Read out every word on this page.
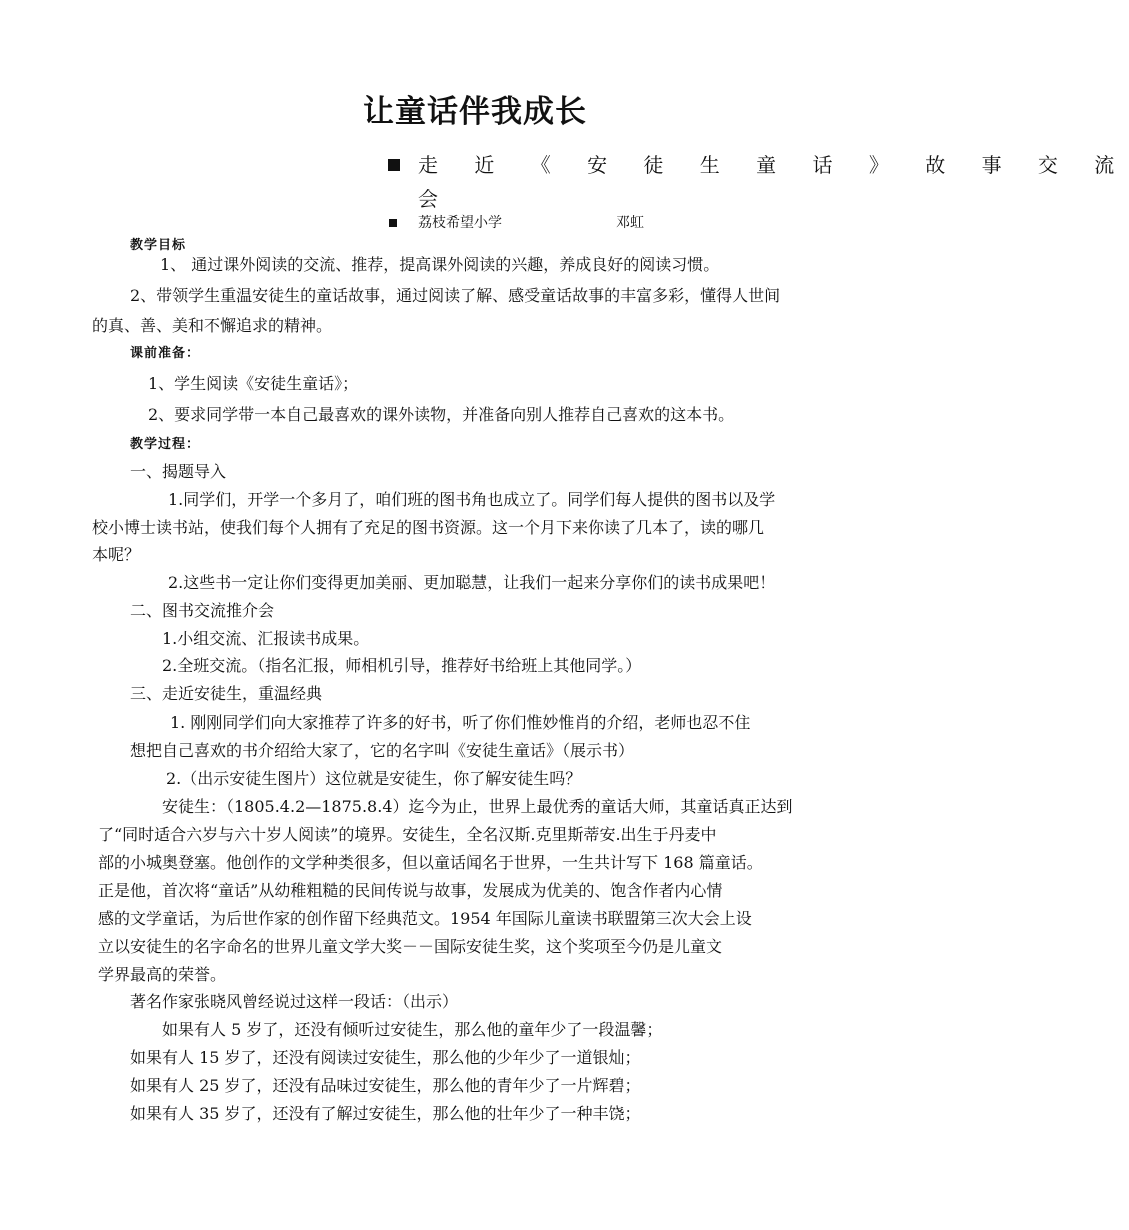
让童话伴我成长
走 近 《 安 徒 生 童 话 》 故 事 交 流
会
荔枝希望小学	邓虹
教学目标
1、 通过课外阅读的交流、推荐，提高课外阅读的兴趣，养成良好的阅读习惯。
2、带领学生重温安徒生的童话故事，通过阅读了解、感受童话故事的丰富多彩，懂得人世间
的真、善、美和不懈追求的精神。
课前准备：
1、学生阅读《安徒生童话》；
2、要求同学带一本自己最喜欢的课外读物，并准备向别人推荐自己喜欢的这本书。
教学过程：
一、揭题导入
1.同学们，开学一个多月了，咱们班的图书角也成立了。同学们每人提供的图书以及学
校小博士读书站，使我们每个人拥有了充足的图书资源。这一个月下来你读了几本了，读的哪几
本呢？
2.这些书一定让你们变得更加美丽、更加聪慧，让我们一起来分享你们的读书成果吧！
二、图书交流推介会
1.小组交流、汇报读书成果。
2.全班交流。（指名汇报，师相机引导，推荐好书给班上其他同学。）
三、走近安徒生，重温经典
1. 刚刚同学们向大家推荐了许多的好书，听了你们惟妙惟肖的介绍，老师也忍不住
想把自己喜欢的书介绍给大家了，它的名字叫《安徒生童话》（展示书）
2.（出示安徒生图片）这位就是安徒生，你了解安徒生吗？
安徒生：（1805.4.2—1875.8.4）迄今为止，世界上最优秀的童话大师，其童话真正达到
了“同时适合六岁与六十岁人阅读”的境界。安徒生，全名汉斯.克里斯蒂安.出生于丹麦中
部的小城奥登塞。他创作的文学种类很多，但以童话闻名于世界，一生共计写下 168 篇童话。
正是他，首次将“童话”从幼稚粗糙的民间传说与故事，发展成为优美的、饱含作者内心情
感的文学童话，为后世作家的创作留下经典范文。1954 年国际儿童读书联盟第三次大会上设
立以安徒生的名字命名的世界儿童文学大奖－－国际安徒生奖，这个奖项至今仍是儿童文
学界最高的荣誉。
著名作家张晓风曾经说过这样一段话：（出示）
如果有人 5 岁了，还没有倾听过安徒生，那么他的童年少了一段温馨；
如果有人 15 岁了，还没有阅读过安徒生，那么他的少年少了一道银灿；
如果有人 25 岁了，还没有品味过安徒生，那么他的青年少了一片辉碧；
如果有人 35 岁了，还没有了解过安徒生，那么他的壮年少了一种丰饶；
